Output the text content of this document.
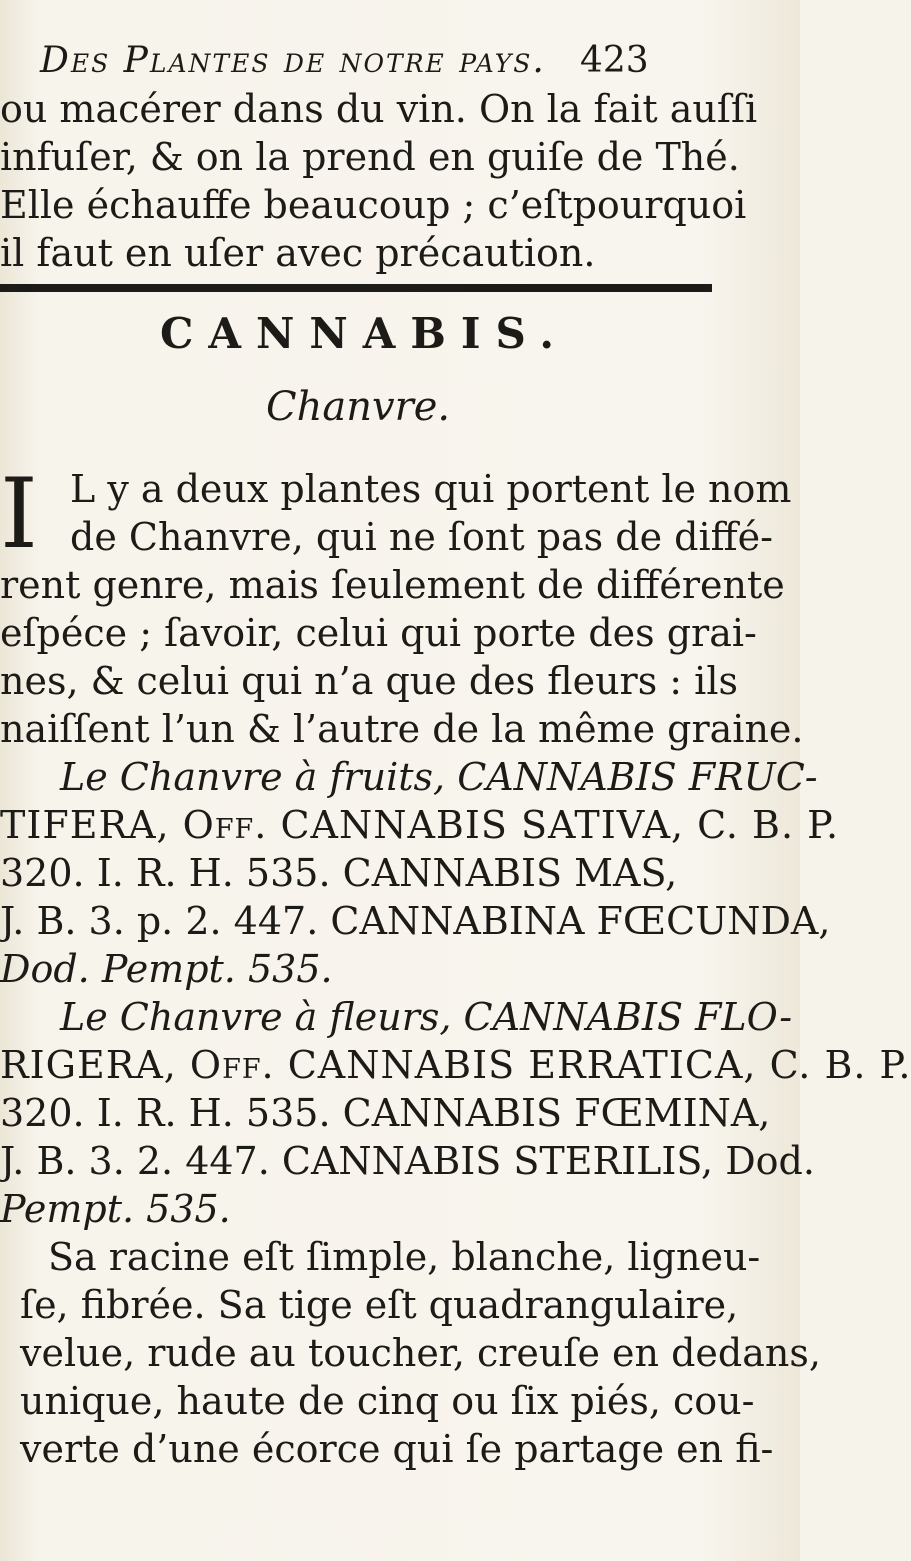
Des Plantes de notre pays. 423
ou macérer dans du vin. On la fait auſſi
infuſer, & on la prend en guiſe de Thé.
Elle échauffe beaucoup ; c’eſtpourquoi
il faut en uſer avec précaution.
CANNABIS.
Chanvre.
I L y a deux plantes qui portent le nom
de Chanvre, qui ne ſont pas de diffé-
rent genre, mais ſeulement de différente
eſpéce ; ſavoir, celui qui porte des grai-
nes, & celui qui n’a que des fleurs : ils
naiſſent l’un & l’autre de la même graine.
Le Chanvre à fruits, CANNABIS FRUC-
TIFERA, Off. CANNABIS SATIVA, C. B. P.
320. I. R. H. 535. CANNABIS MAS,
J. B. 3. p. 2. 447. CANNABINA FŒCUNDA,
Dod. Pempt. 535.
Le Chanvre à fleurs, CANNABIS FLO-
RIGERA, Off. CANNABIS ERRATICA, C. B. P.
320. I. R. H. 535. CANNABIS FŒMINA,
J. B. 3. 2. 447. CANNABIS STERILIS, Dod.
Pempt. 535.
Sa racine eſt ſimple, blanche, ligneu-
ſe, fibrée. Sa tige eſt quadrangulaire,
velue, rude au toucher, creuſe en dedans,
unique, haute de cinq ou ſix piés, cou-
verte d’une écorce qui ſe partage en fi-
